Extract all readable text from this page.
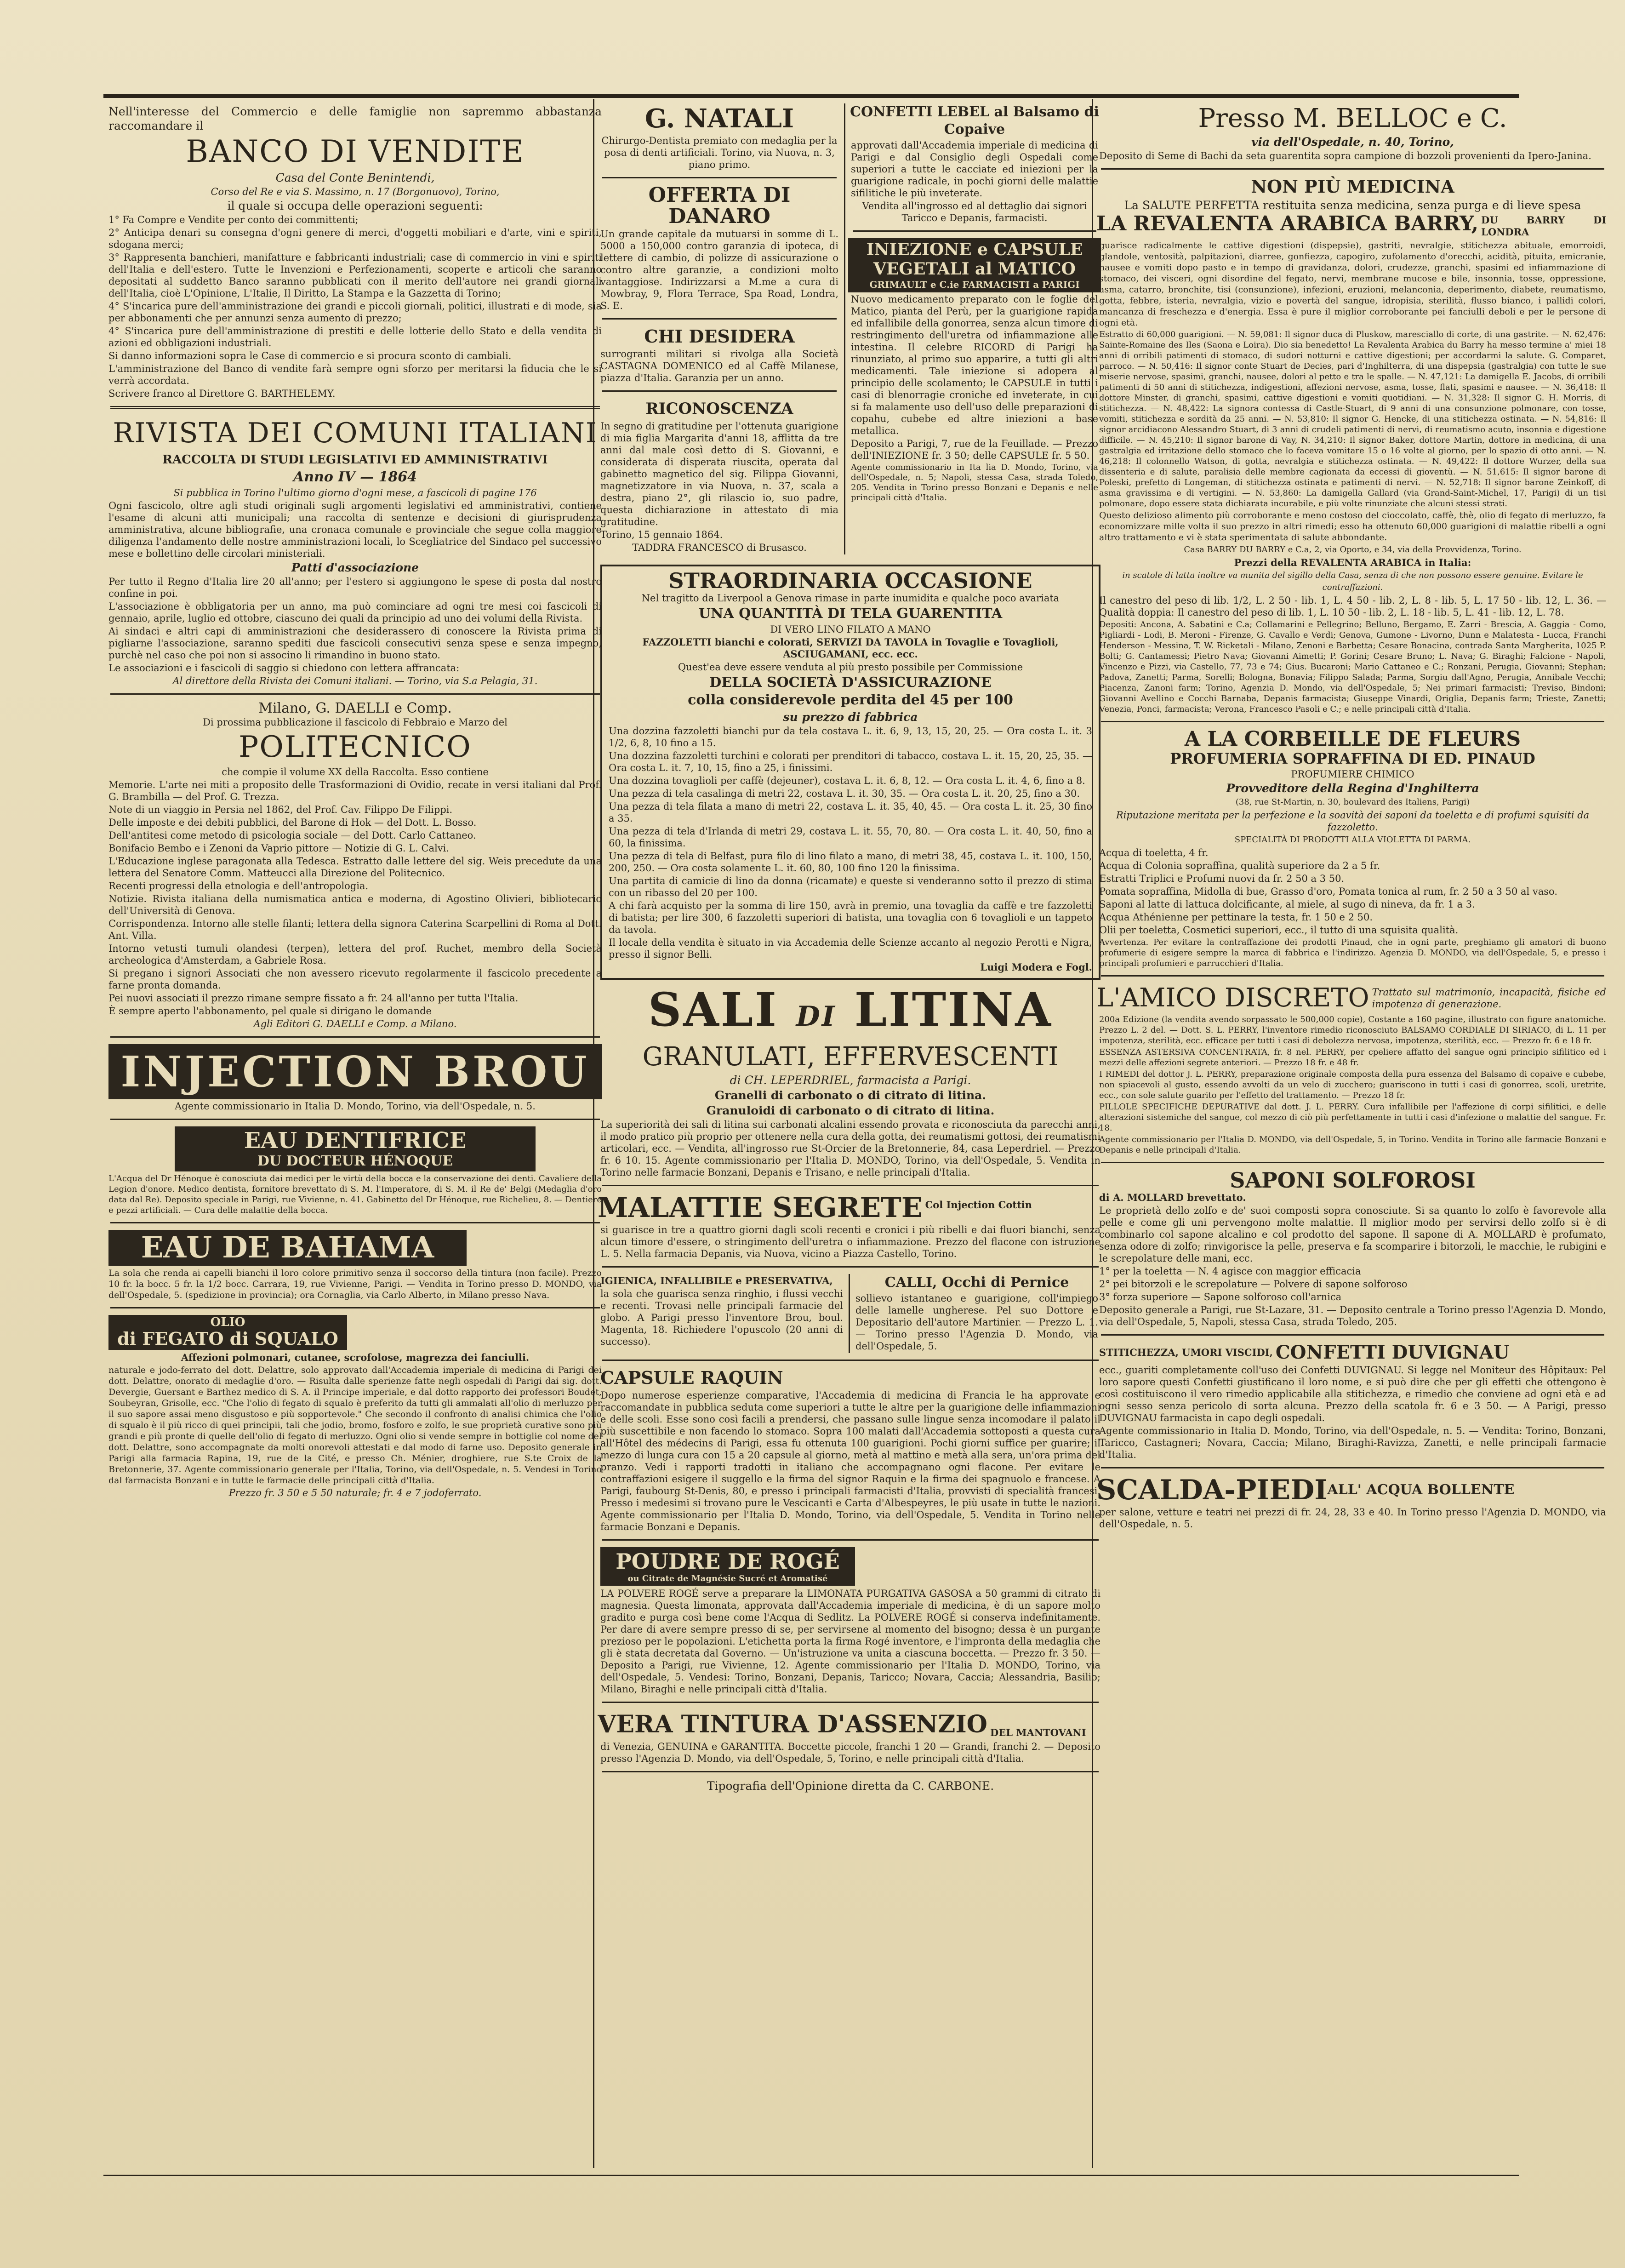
Nell'interesse del Commercio e delle famiglie non sapremmo abbastanza raccomandare il

BANCO DI VENDITE

Casa del Conte Benintendi,

Corso del Re e via S. Massimo, n. 17 (Borgonuovo), Torino,

il quale si occupa delle operazioni seguenti:

1° Fa Compre e Vendite per conto dei committenti;

2° Anticipa denari su consegna d'ogni genere di merci, d'oggetti mobiliari e d'arte, vini e spiriti, sdogana merci;

3° Rappresenta banchieri, manifatture e fabbricanti industriali; case di commercio in vini e spiriti dell'Italia e dell'estero. Tutte le Invenzioni e Perfezionamenti, scoperte e articoli che saranno depositati al suddetto Banco saranno pubblicati con il merito dell'autore nei grandi giornali dell'Italia, cioè L'Opinione, L'Italie, Il Diritto, La Stampa e la Gazzetta di Torino;

4° S'incarica pure dell'amministrazione dei grandi e piccoli giornali, politici, illustrati e di mode, sia per abbonamenti che per annunzi senza aumento di prezzo;

4° S'incarica pure dell'amministrazione di prestiti e delle lotterie dello Stato e della vendita di azioni ed obbligazioni industriali.

Si danno informazioni sopra le Case di commercio e si procura sconto di cambiali.

L'amministrazione del Banco di vendite farà sempre ogni sforzo per meritarsi la fiducia che le si verrà accordata.

Scrivere franco al Direttore G. BARTHELEMY.

RIVISTA DEI COMUNI ITALIANI
RACCOLTA DI STUDI LEGISLATIVI ED AMMINISTRATIVI
Anno IV — 1864

Si pubblica in Torino l'ultimo giorno d'ogni mese, a fascicoli di pagine 176

Ogni fascicolo, oltre agli studi originali sugli argomenti legislativi ed amministrativi, contiene l'esame di alcuni atti municipali; una raccolta di sentenze e decisioni di giurisprudenza amministrativa, alcune bibliografie, una cronaca comunale e provinciale che segue colla maggiore diligenza l'andamento delle nostre amministrazioni locali, lo Scegliatrice del Sindaco pel successivo mese e bollettino delle circolari ministeriali.

Patti d'associazione

Per tutto il Regno d'Italia lire 20 all'anno; per l'estero si aggiungono le spese di posta dal nostro confine in poi.

L'associazione è obbligatoria per un anno, ma può cominciare ad ogni tre mesi coi fascicoli di gennaio, aprile, luglio ed ottobre, ciascuno dei quali da principio ad uno dei volumi della Rivista.

Ai sindaci e altri capi di amministrazioni che desiderassero di conoscere la Rivista prima di pigliarne l'associazione, saranno spediti due fascicoli consecutivi senza spese e senza impegno, purchè nel caso che poi non si associno li rimandino in buono stato.

Le associazioni e i fascicoli di saggio si chiedono con lettera affrancata:

Al direttore della Rivista dei Comuni italiani. — Torino, via S.a Pelagia, 31.

Milano, G. DAELLI e Comp.

Di prossima pubblicazione il fascicolo di Febbraio e Marzo del

POLITECNICO

che compie il volume XX della Raccolta. Esso contiene

Memorie. L'arte nei miti a proposito delle Trasformazioni di Ovidio, recate in versi italiani dal Prof. G. Brambilla — del Prof. G. Trezza.

Note di un viaggio in Persia nel 1862, del Prof. Cav. Filippo De Filippi.

Delle imposte e dei debiti pubblici, del Barone di Hok — del Dott. L. Bosso.

Dell'antitesi come metodo di psicologia sociale — del Dott. Carlo Cattaneo.

Bonifacio Bembo e i Zenoni da Vaprio pittore — Notizie di G. L. Calvi.

L'Educazione inglese paragonata alla Tedesca. Estratto dalle lettere del sig. Weis precedute da una lettera del Senatore Comm. Matteucci alla Direzione del Politecnico.

Recenti progressi della etnologia e dell'antropologia.

Notizie. Rivista italiana della numismatica antica e moderna, di Agostino Olivieri, bibliotecario dell'Università di Genova.

Corrispondenza. Intorno alle stelle filanti; lettera della signora Caterina Scarpellini di Roma al Dott. Ant. Villa.

Intorno vetusti tumuli olandesi (terpen), lettera del prof. Ruchet, membro della Società archeologica d'Amsterdam, a Gabriele Rosa.

Si pregano i signori Associati che non avessero ricevuto regolarmente il fascicolo precedente a farne pronta domanda.

Pei nuovi associati il prezzo rimane sempre fissato a fr. 24 all'anno per tutta l'Italia.

È sempre aperto l'abbonamento, pel quale si dirigano le domande

Agli Editori G. DAELLI e Comp. a Milano.

INJECTION BROU

Agente commissionario in Italia D. Mondo, Torino, via dell'Ospedale, n. 5.

EAU DENTIFRICE
DU DOCTEUR HÉNOQUE

L'Acqua del Dr Hénoque è conosciuta dai medici per le virtù della bocca e la conservazione dei denti. Cavaliere della Legion d'onore. Medico dentista, fornitore brevettato di S. M. l'Imperatore, di S. M. il Re de' Belgi (Medaglia d'oro data dal Re). Deposito speciale in Parigi, rue Vivienne, n. 41. Gabinetto del Dr Hénoque, rue Richelieu, 8. — Dentiere e pezzi artificiali. — Cura delle malattie della bocca.

EAU DE BAHAMA

La sola che renda ai capelli bianchi il loro colore primitivo senza il soccorso della tintura (non facile). Prezzo 10 fr. la bocc. 5 fr. la 1/2 bocc. Carrara, 19, rue Vivienne, Parigi. — Vendita in Torino presso D. MONDO, via dell'Ospedale, 5. (spedizione in provincia); ora Cornaglia, via Carlo Alberto, in Milano presso Nava.

OLIO
di FEGATO di SQUALO

Affezioni polmonari, cutanee, scrofolose, magrezza dei fanciulli.

naturale e jodo-ferrato del dott. Delattre, solo approvato dall'Accademia imperiale di medicina di Parigi dei dott. Delattre, onorato di medaglie d'oro. — Risulta dalle sperienze fatte negli ospedali di Parigi dai sig. dott. Devergie, Guersant e Barthez medico di S. A. il Principe imperiale, e dal dotto rapporto dei professori Boudet, Soubeyran, Grisolle, ecc. "Che l'olio di fegato di squalo è preferito da tutti gli ammalati all'olio di merluzzo per il suo sapore assai meno disgustoso e più sopportevole." Che secondo il confronto di analisi chimica che l'olio di squalo è il più ricco di quei principii, tali che jodio, bromo, fosforo e zolfo, le sue proprietà curative sono più grandi e più pronte di quelle dell'olio di fegato di merluzzo. Ogni olio si vende sempre in bottiglie col nome del dott. Delattre, sono accompagnate da molti onorevoli attestati e dal modo di farne uso. Deposito generale in Parigi alla farmacia Rapina, 19, rue de la Cité, e presso Ch. Ménier, droghiere, rue S.te Croix de la Bretonnerie, 37. Agente commissionario generale per l'Italia, Torino, via dell'Ospedale, n. 5. Vendesi in Torino dal farmacista Bonzani e in tutte le farmacie delle principali città d'Italia.

Prezzo fr. 3 50 e 5 50 naturale; fr. 4 e 7 jodoferrato.

G. NATALI

Chirurgo-Dentista premiato con medaglia per la posa di denti artificiali. Torino, via Nuova, n. 3, piano primo.

OFFERTA DI DANARO

Un grande capitale da mutuarsi in somme di L. 5000 a 150,000 contro garanzia di ipoteca, di lettere di cambio, di polizze di assicurazione o contro altre garanzie, a condizioni molto vantaggiose. Indirizzarsi a M.me a cura di Mowbray, 9, Flora Terrace, Spa Road, Londra, S. E.

CHI DESIDERA

surrogranti militari si rivolga alla Società CASTAGNA DOMENICO ed al Caffè Milanese, piazza d'Italia. Garanzia per un anno.

RICONOSCENZA

In segno di gratitudine per l'ottenuta guarigione di mia figlia Margarita d'anni 18, afflitta da tre anni dal male così detto di S. Giovanni, e considerata di disperata riuscita, operata dal gabinetto magnetico del sig. Filippa Giovanni, magnetizzatore in via Nuova, n. 37, scala a destra, piano 2°, gli rilascio io, suo padre, questa dichiarazione in attestato di mia gratitudine.

Torino, 15 gennaio 1864.

TADDRA FRANCESCO di Brusasco.

CONFETTI LEBEL al Balsamo di Copaive

approvati dall'Accademia imperiale di medicina di Parigi e dal Consiglio degli Ospedali come superiori a tutte le cacciate ed iniezioni per la guarigione radicale, in pochi giorni delle malattie sifilitiche le più inveterate.

Vendita all'ingrosso ed al dettaglio dai signori Taricco e Depanis, farmacisti.

INIEZIONE e CAPSULE
VEGETALI al MATICO
GRIMAULT e C.ie FARMACISTI a PARIGI

Nuovo medicamento preparato con le foglie del Matico, pianta del Perù, per la guarigione rapida ed infallibile della gonorrea, senza alcun timore di restringimento dell'uretra od infiammazione alle intestina. Il celebre RICORD di Parigi ha rinunziato, al primo suo apparire, a tutti gli altri medicamenti. Tale iniezione si adopera al principio delle scolamento; le CAPSULE in tutti i casi di blenorragie croniche ed inveterate, in cui si fa malamente uso dell'uso delle preparazioni di copahu, cubebe ed altre iniezioni a base metallica.

Deposito a Parigi, 7, rue de la Feuillade. — Prezzo dell'INIEZIONE fr. 3 50; delle CAPSULE fr. 5 50.

Agente commissionario in Ita lia D. Mondo, Torino, via dell'Ospedale, n. 5; Napoli, stessa Casa, strada Toledo, 205. Vendita in Torino presso Bonzani e Depanis e nelle principali città d'Italia.

STRAORDINARIA OCCASIONE

Nel tragitto da Liverpool a Genova rimase in parte inumidita e qualche poco avariata

UNA QUANTITÀ DI TELA GUARENTITA

DI VERO LINO FILATO A MANO

FAZZOLETTI bianchi e colorati, SERVIZI DA TAVOLA in Tovaglie e Tovaglioli, ASCIUGAMANI, ecc. ecc.

Quest'ea deve essere venduta al più presto possibile per Commissione

DELLA SOCIETÀ D'ASSICURAZIONE
colla considerevole perdita del 45 per 100

su prezzo di fabbrica

Una dozzina fazzoletti bianchi pur da tela costava L. it. 6, 9, 13, 15, 20, 25. — Ora costa L. it. 3 1/2, 6, 8, 10 fino a 15.

Una dozzina fazzoletti turchini e colorati per prenditori di tabacco, costava L. it. 15, 20, 25, 35. — Ora costa L. it. 7, 10, 15, fino a 25, i finissimi.

Una dozzina tovaglioli per caffè (dejeuner), costava L. it. 6, 8, 12. — Ora costa L. it. 4, 6, fino a 8.

Una pezza di tela casalinga di metri 22, costava L. it. 30, 35. — Ora costa L. it. 20, 25, fino a 30.

Una pezza di tela filata a mano di metri 22, costava L. it. 35, 40, 45. — Ora costa L. it. 25, 30 fino a 35.

Una pezza di tela d'Irlanda di metri 29, costava L. it. 55, 70, 80. — Ora costa L. it. 40, 50, fino a 60, la finissima.

Una pezza di tela di Belfast, pura filo di lino filato a mano, di metri 38, 45, costava L. it. 100, 150, 200, 250. — Ora costa solamente L. it. 60, 80, 100 fino 120 la finissima.

Una partita di camicie di lino da donna (ricamate) e queste si venderanno sotto il prezzo di stima con un ribasso del 20 per 100.

A chi farà acquisto per la somma di lire 150, avrà in premio, una tovaglia da caffè e tre fazzoletti di batista; per lire 300, 6 fazzoletti superiori di batista, una tovaglia con 6 tovaglioli e un tappeto da tavola.

Il locale della vendita è situato in via Accademia delle Scienze accanto al negozio Perotti e Nigra, presso il signor Belli.

Luigi Modera e Fogl.

SALI DI LITINA
GRANULATI, EFFERVESCENTI

di CH. LEPERDRIEL, farmacista a Parigi.

Granelli di carbonato o di citrato di litina.

Granuloidi di carbonato o di citrato di litina.

La superiorità dei sali di litina sui carbonati alcalini essendo provata e riconosciuta da parecchi anni, il modo pratico più proprio per ottenere nella cura della gotta, dei reumatismi gottosi, dei reumatismi articolari, ecc. — Vendita, all'ingrosso rue St-Orcier de la Bretonnerie, 84, casa Leperdriel. — Prezzo fr. 6 10. 15. Agente commissionario per l'Italia D. MONDO, Torino, via dell'Ospedale, 5. Vendita in Torino nelle farmacie Bonzani, Depanis e Trisano, e nelle principali d'Italia.

MALATTIE SEGRETE Col Injection Cottin

si guarisce in tre a quattro giorni dagli scoli recenti e cronici i più ribelli e dai fluori bianchi, senza alcun timore d'essere, o stringimento dell'uretra o infiammazione. Prezzo del flacone con istruzione L. 5. Nella farmacia Depanis, via Nuova, vicino a Piazza Castello, Torino.

IGIENICA, INFALLIBILE e PRESERVATIVA,

la sola che guarisca senza ringhio, i flussi vecchi e recenti. Trovasi nelle principali farmacie del globo. A Parigi presso l'inventore Brou, boul. Magenta, 18. Richiedere l'opuscolo (20 anni di successo).

CALLI, Occhi di Pernice

sollievo istantaneo e guarigione, coll'impiego delle lamelle ungherese. Pel suo Dottore e Depositario dell'autore Martinier. — Prezzo L. 1. — Torino presso l'Agenzia D. Mondo, via dell'Ospedale, 5.

CAPSULE RAQUIN

Dopo numerose esperienze comparative, l'Accademia di medicina di Francia le ha approvate e raccomandate in pubblica seduta come superiori a tutte le altre per la guarigione delle infiammazioni e delle scoli. Esse sono così facili a prendersi, che passano sulle lingue senza incomodare il palato il più suscettibile e non facendo lo stomaco. Sopra 100 malati dall'Accademia sottoposti a questa cura all'Hôtel des médecins di Parigi, essa fu ottenuta 100 guarigioni. Pochi giorni suffice per guarire; il mezzo di lunga cura con 15 a 20 capsule al giorno, metà al mattino e metà alla sera, un'ora prima del pranzo. Vedi i rapporti tradotti in italiano che accompagnano ogni flacone. Per evitare le contraffazioni esigere il suggello e la firma del signor Raquin e la firma dei spagnuolo e francese. A Parigi, faubourg St-Denis, 80, e presso i principali farmacisti d'Italia, provvisti di specialità francesi. Presso i medesimi si trovano pure le Vescicanti e Carta d'Albespeyres, le più usate in tutte le nazioni. Agente commissionario per l'Italia D. Mondo, Torino, via dell'Ospedale, 5. Vendita in Torino nelle farmacie Bonzani e Depanis.

POUDRE DE ROGÉ
ou Citrate de Magnésie Sucré et Aromatisé

LA POLVERE ROGÉ serve a preparare la LIMONATA PURGATIVA GASOSA a 50 grammi di citrato di magnesia. Questa limonata, approvata dall'Accademia imperiale di medicina, è di un sapore molto gradito e purga così bene come l'Acqua di Sedlitz. La POLVERE ROGÉ si conserva indefinitamente. Per dare di avere sempre presso di se, per servirsene al momento del bisogno; dessa è un purgante prezioso per le popolazioni. L'etichetta porta la firma Rogé inventore, e l'impronta della medaglia che gli è stata decretata dal Governo. — Un'istruzione va unita a ciascuna boccetta. — Prezzo fr. 3 50. — Deposito a Parigi, rue Vivienne, 12. Agente commissionario per l'Italia D. MONDO, Torino, via dell'Ospedale, 5. Vendesi: Torino, Bonzani, Depanis, Taricco; Novara, Caccia; Alessandria, Basilio; Milano, Biraghi e nelle principali città d'Italia.

VERA TINTURA D'ASSENZIO DEL MANTOVANI

di Venezia, GENUINA e GARANTITA. Boccette piccole, franchi 1 20 — Grandi, franchi 2. — Deposito presso l'Agenzia D. Mondo, via dell'Ospedale, 5, Torino, e nelle principali città d'Italia.

Tipografia dell'Opinione diretta da C. CARBONE.

Presso M. BELLOC e C.

via dell'Ospedale, n. 40, Torino,

Deposito di Seme di Bachi da seta guarentita sopra campione di bozzoli provenienti da Ipero-Janina.

NON PIÙ MEDICINA

La SALUTE PERFETTA restituita senza medicina, senza purga e di lieve spesa

LA REVALENTA ARABICA BARRY, DU BARRY DI LONDRA

guarisce radicalmente le cattive digestioni (dispepsie), gastriti, nevralgie, stitichezza abituale, emorroidi, glandole, ventosità, palpitazioni, diarree, gonfiezza, capogiro, zufolamento d'orecchi, acidità, pituita, emicranie, nausee e vomiti dopo pasto e in tempo di gravidanza, dolori, crudezze, granchi, spasimi ed infiammazione di stomaco, dei visceri, ogni disordine del fegato, nervi, membrane mucose e bile, insonnia, tosse, oppressione, asma, catarro, bronchite, tisi (consunzione), infezioni, eruzioni, melanconia, deperimento, diabete, reumatismo, gotta, febbre, isteria, nevralgia, vizio e povertà del sangue, idropisia, sterilità, flusso bianco, i pallidi colori, mancanza di freschezza e d'energia. Essa è pure il miglior corroborante pei fanciulli deboli e per le persone di ogni età.

Estratto di 60,000 guarigioni. — N. 59,081: Il signor duca di Pluskow, maresciallo di corte, di una gastrite. — N. 62,476: Sainte-Romaine des Iles (Saona e Loira). Dio sia benedetto! La Revalenta Arabica du Barry ha messo termine a' miei 18 anni di orribili patimenti di stomaco, di sudori notturni e cattive digestioni; per accordarmi la salute. G. Comparet, parroco. — N. 50,416: Il signor conte Stuart de Decies, pari d'Inghilterra, di una dispepsia (gastralgia) con tutte le sue miserie nervose, spasimi, granchi, nausee, dolori al petto e tra le spalle. — N. 47,121: La damigella E. Jacobs, di orribili patimenti di 50 anni di stitichezza, indigestioni, affezioni nervose, asma, tosse, flati, spasimi e nausee. — N. 36,418: Il dottore Minster, di granchi, spasimi, cattive digestioni e vomiti quotidiani. — N. 31,328: Il signor G. H. Morris, di stitichezza. — N. 48,422: La signora contessa di Castle-Stuart, di 9 anni di una consunzione polmonare, con tosse, vomiti, stitichezza e sordità da 25 anni. — N. 53,810: Il signor G. Hencke, di una stitichezza ostinata. — N. 54,816: Il signor arcidiacono Alessandro Stuart, di 3 anni di crudeli patimenti di nervi, di reumatismo acuto, insonnia e digestione difficile. — N. 45,210: Il signor barone di Vay, N. 34,210: Il signor Baker, dottore Martin, dottore in medicina, di una gastralgia ed irritazione dello stomaco che lo faceva vomitare 15 o 16 volte al giorno, per lo spazio di otto anni. — N. 46,218: Il colonnello Watson, di gotta, nevralgia e stitichezza ostinata. — N. 49,422: Il dottore Wurzer, della sua dissenteria e di salute, paralisia delle membre cagionata da eccessi di gioventù. — N. 51,615: Il signor barone di Poleski, prefetto di Longeman, di stitichezza ostinata e patimenti di nervi. — N. 52,718: Il signor barone Zeinkoff, di asma gravissima e di vertigini. — N. 53,860: La damigella Gallard (via Grand-Saint-Michel, 17, Parigi) di un tisi polmonare, dopo essere stata dichiarata incurabile, e più volte rinunziate che alcuni stessi strati.

Questo delizioso alimento più corroborante e meno costoso del cioccolato, caffè, thè, olio di fegato di merluzzo, fa economizzare mille volta il suo prezzo in altri rimedi; esso ha ottenuto 60,000 guarigioni di malattie ribelli a ogni altro trattamento e vi è stata sperimentata di salute abbondante.

Casa BARRY DU BARRY e C.a, 2, via Oporto, e 34, via della Provvidenza, Torino.

Prezzi della REVALENTA ARABICA in Italia:

in scatole di latta inoltre va munita del sigillo della Casa, senza di che non possono essere genuine. Evitare le contraffazioni.

Il canestro del peso di lib. 1/2, L. 2 50 - lib. 1, L. 4 50 - lib. 2, L. 8 - lib. 5, L. 17 50 - lib. 12, L. 36. — Qualità doppia: Il canestro del peso di lib. 1, L. 10 50 - lib. 2, L. 18 - lib. 5, L. 41 - lib. 12, L. 78.

Depositi: Ancona, A. Sabatini e C.a; Collamarini e Pellegrino; Belluno, Bergamo, E. Zarri - Brescia, A. Gaggia - Como, Pigliardi - Lodi, B. Meroni - Firenze, G. Cavallo e Verdi; Genova, Gumone - Livorno, Dunn e Malatesta - Lucca, Franchi Henderson - Messina, T. W. Ricketali - Milano, Zenoni e Barbetta; Cesare Bonacina, contrada Santa Margherita, 1025 P. Bolti; G. Cantamessi; Pietro Nava; Giovanni Aimetti; P. Gorini; Cesare Bruno; L. Nava; G. Biraghi; Falcione - Napoli, Vincenzo e Pizzi, via Castello, 77, 73 e 74; Gius. Bucaroni; Mario Cattaneo e C.; Ronzani, Perugia, Giovanni; Stephan; Padova, Zanetti; Parma, Sorelli; Bologna, Bonavia; Filippo Salada; Parma, Sorgiu dall'Agno, Perugia, Annibale Vecchi; Piacenza, Zanoni farm; Torino, Agenzia D. Mondo, via dell'Ospedale, 5; Nei primari farmacisti; Treviso, Bindoni; Giovanni Avellino e Cocchi Barnaba, Depanis farmacista; Giuseppe Vinardi, Origlia, Depanis farm; Trieste, Zanetti; Venezia, Ponci, farmacista; Verona, Francesco Pasoli e C.; e nelle principali città d'Italia.

A LA CORBEILLE DE FLEURS
PROFUMERIA SOPRAFFINA DI ED. PINAUD

PROFUMIERE CHIMICO

Provveditore della Regina d'Inghilterra

(38, rue St-Martin, n. 30, boulevard des Italiens, Parigi)

Riputazione meritata per la perfezione e la soavità dei saponi da toeletta e di profumi squisiti da fazzoletto.

SPECIALITÀ DI PRODOTTI ALLA VIOLETTA DI PARMA.

Acqua di toeletta, 4 fr.

Acqua di Colonia sopraffina, qualità superiore da 2 a 5 fr.

Estratti Triplici e Profumi nuovi da fr. 2 50 a 3 50.

Pomata sopraffina, Midolla di bue, Grasso d'oro, Pomata tonica al rum, fr. 2 50 a 3 50 al vaso.

Saponi al latte di lattuca dolcificante, al miele, al sugo di nineva, da fr. 1 a 3.

Acqua Athénienne per pettinare la testa, fr. 1 50 e 2 50.

Olii per toeletta, Cosmetici superiori, ecc., il tutto di una squisita qualità.

Avvertenza. Per evitare la contraffazione dei prodotti Pinaud, che in ogni parte, preghiamo gli amatori di buono profumerie di esigere sempre la marca di fabbrica e l'indirizzo. Agenzia D. MONDO, via dell'Ospedale, 5, e presso i principali profumieri e parrucchieri d'Italia.

L'AMICO DISCRETO Trattato sul matrimonio, incapacità, fisiche ed impotenza di generazione.

200a Edizione (la vendita avendo sorpassato le 500,000 copie), Costante a 160 pagine, illustrato con figure anatomiche. Prezzo L. 2 del. — Dott. S. L. PERRY, l'inventore rimedio riconosciuto BALSAMO CORDIALE DI SIRIACO, di L. 11 per impotenza, sterilità, ecc. efficace per tutti i casi di debolezza nervosa, impotenza, sterilità, ecc. — Prezzo fr. 6 e 18 fr.

ESSENZA ASTERSIVA CONCENTRATA, fr. 8 nel. PERRY, per cpeliere affatto del sangue ogni principio sifilitico ed i mezzi delle affezioni segrete anteriori. — Prezzo 18 fr. e 48 fr.

I RIMEDI del dottor J. L. PERRY, preparazione originale composta della pura essenza del Balsamo di copaive e cubebe, non spiacevoli al gusto, essendo avvolti da un velo di zucchero; guariscono in tutti i casi di gonorrea, scoli, uretrite, ecc., con sole salute guarito per l'effetto del trattamento. — Prezzo 18 fr.

PILLOLE SPECIFICHE DEPURATIVE dal dott. J. L. PERRY. Cura infallibile per l'affezione di corpi sifilitici, e delle alterazioni sistemiche del sangue, col mezzo di ciò più perfettamente in tutti i casi d'infezione o malattie del sangue. Fr. 18.

Agente commissionario per l'Italia D. MONDO, via dell'Ospedale, 5, in Torino. Vendita in Torino alle farmacie Bonzani e Depanis e nelle principali d'Italia.

SAPONI SOLFOROSI

di A. MOLLARD brevettato.

Le proprietà dello zolfo e de' suoi composti sopra conosciute. Si sa quanto lo zolfo è favorevole alla pelle e come gli uni pervengono molte malattie. Il miglior modo per servirsi dello zolfo si è di combinarlo col sapone alcalino e col prodotto del sapone. Il sapone di A. MOLLARD è profumato, senza odore di zolfo; rinvigorisce la pelle, preserva e fa scomparire i bitorzoli, le macchie, le rubigini e le screpolature delle mani, ecc.

1° per la toeletta — N. 4 agisce con maggior efficacia

2° pei bitorzoli e le screpolature — Polvere di sapone solforoso

3° forza superiore — Sapone solforoso coll'arnica

Deposito generale a Parigi, rue St-Lazare, 31. — Deposito centrale a Torino presso l'Agenzia D. Mondo, via dell'Ospedale, 5, Napoli, stessa Casa, strada Toledo, 205.

STITICHEZZA, UMORI VISCIDI, CONFETTI DUVIGNAU

ecc., guariti completamente coll'uso dei Confetti DUVIGNAU. Si legge nel Moniteur des Hôpitaux: Pel loro sapore questi Confetti giustificano il loro nome, e si può dire che per gli effetti che ottengono è così costituiscono il vero rimedio applicabile alla stitichezza, e rimedio che conviene ad ogni età e ad ogni sesso senza pericolo di sorta alcuna. Prezzo della scatola fr. 6 e 3 50. — A Parigi, presso DUVIGNAU farmacista in capo degli ospedali.

Agente commissionario in Italia D. Mondo, Torino, via dell'Ospedale, n. 5. — Vendita: Torino, Bonzani, Taricco, Castagneri; Novara, Caccia; Milano, Biraghi-Ravizza, Zanetti, e nelle principali farmacie d'Italia.

SCALDA-PIEDI ALL' ACQUA BOLLENTE

per salone, vetture e teatri nei prezzi di fr. 24, 28, 33 e 40. In Torino presso l'Agenzia D. MONDO, via dell'Ospedale, n. 5.
